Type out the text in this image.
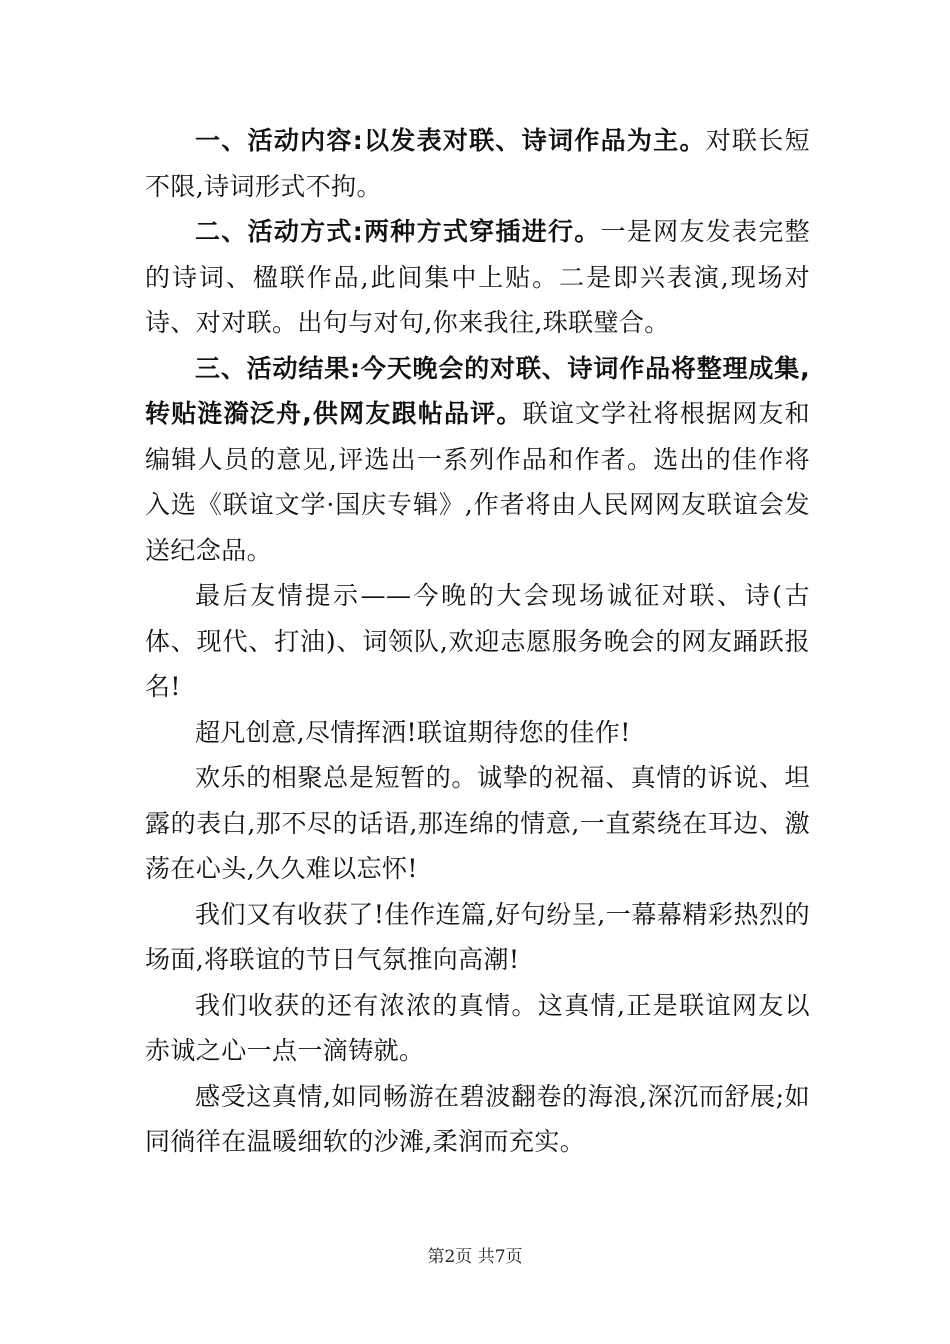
一、活动内容:以发表对联、诗词作品为主。对联长短不限,诗词形式不拘。

二、活动方式:两种方式穿插进行。一是网友发表完整的诗词、楹联作品,此间集中上贴。二是即兴表演,现场对诗、对对联。出句与对句,你来我往,珠联璧合。

三、活动结果:今天晚会的对联、诗词作品将整理成集,转贴涟漪泛舟,供网友跟帖品评。联谊文学社将根据网友和编辑人员的意见,评选出一系列作品和作者。选出的佳作将入选《联谊文学·国庆专辑》,作者将由人民网网友联谊会发送纪念品。

最后友情提示——今晚的大会现场诚征对联、诗(古体、现代、打油)、词领队,欢迎志愿服务晚会的网友踊跃报名!

超凡创意,尽情挥洒!联谊期待您的佳作!

欢乐的相聚总是短暂的。诚挚的祝福、真情的诉说、坦露的表白,那不尽的话语,那连绵的情意,一直萦绕在耳边、激荡在心头,久久难以忘怀!

我们又有收获了!佳作连篇,好句纷呈,一幕幕精彩热烈的场面,将联谊的节日气氛推向高潮!

我们收获的还有浓浓的真情。这真情,正是联谊网友以赤诚之心一点一滴铸就。

感受这真情,如同畅游在碧波翻卷的海浪,深沉而舒展;如同徜徉在温暖细软的沙滩,柔润而充实。

第2页 共7页
